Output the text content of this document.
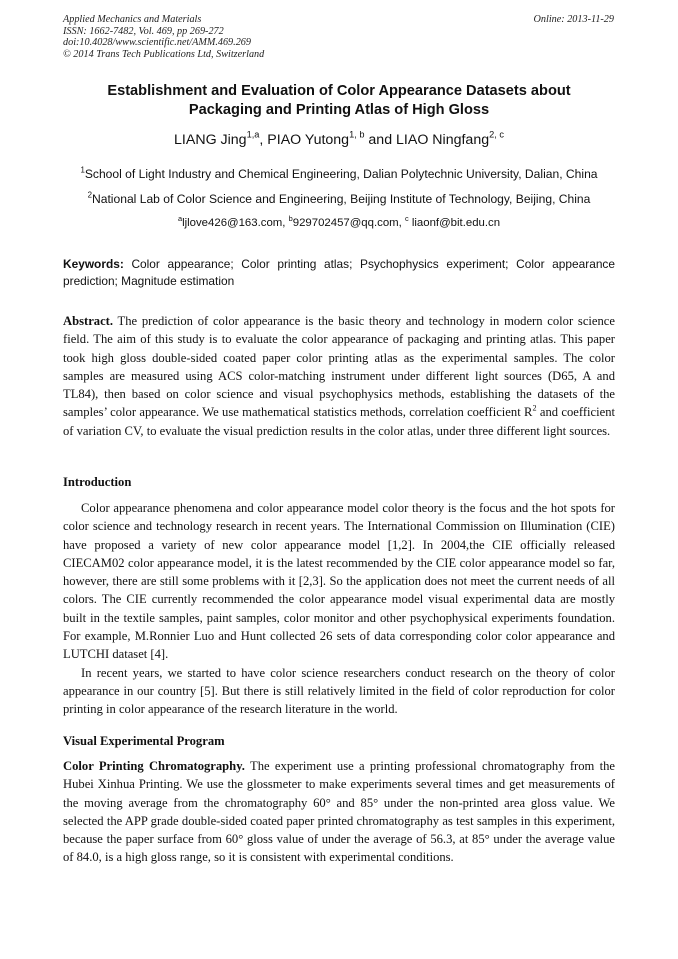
Applied Mechanics and Materials
ISSN: 1662-7482, Vol. 469, pp 269-272
doi:10.4028/www.scientific.net/AMM.469.269
© 2014 Trans Tech Publications Ltd, Switzerland
Online: 2013-11-29
Establishment and Evaluation of Color Appearance Datasets about
Packaging and Printing Atlas of High Gloss
LIANG Jing$^{1,a}$, PIAO Yutong$^{1, b}$ and LIAO Ningfang$^{2, c}$
$^1$School of Light Industry and Chemical Engineering, Dalian Polytechnic University, Dalian, China
$^2$National Lab of Color Science and Engineering, Beijing Institute of Technology, Beijing, China
$^a$ljlove426@163.com, $^b$929702457@qq.com, $^c$ liaonf@bit.edu.cn
Keywords: Color appearance; Color printing atlas; Psychophysics experiment; Color appearance prediction; Magnitude estimation

Abstract. The prediction of color appearance is the basic theory and technology in modern color science field. The aim of this study is to evaluate the color appearance of packaging and printing atlas. This paper took high gloss double-sided coated paper color printing atlas as the experimental samples. The color samples are measured using ACS color-matching instrument under different light sources (D65, A and TL84), then based on color science and visual psychophysics methods, establishing the datasets of the samples’ color appearance. We use mathematical statistics methods, correlation coefficient $R^2$ and coefficient of variation CV, to evaluate the visual prediction results in the color atlas, under three different light sources.

Introduction

Color appearance phenomena and color appearance model color theory is the focus and the hot spots for color science and technology research in recent years. The International Commission on Illumination (CIE) have proposed a variety of new color appearance model [1,2]. In 2004,the CIE officially released CIECAM02 color appearance model, it is the latest recommended by the CIE color appearance model so far, however, there are still some problems with it [2,3]. So the application does not meet the current needs of all colors. The CIE currently recommended the color appearance model visual experimental data are mostly built in the textile samples, paint samples, color monitor and other psychophysical experiments foundation. For example, M.Ronnier Luo and Hunt collected 26 sets of data corresponding color color appearance and LUTCHI dataset [4].

In recent years, we started to have color science researchers conduct research on the theory of color appearance in our country [5]. But there is still relatively limited in the field of color reproduction for color printing in color appearance of the research literature in the world.

Visual Experimental Program

Color Printing Chromatography. The experiment use a printing professional chromatography from the Hubei Xinhua Printing. We use the glossmeter to make experiments several times and get measurements of the moving average from the chromatography 60° and 85° under the non-printed area gloss value. We selected the APP grade double-sided coated paper printed chromatography as test samples in this experiment, because the paper surface from 60° gloss value of under the average of 56.3, at 85° under the average value of 84.0, is a high gloss range, so it is consistent with experimental conditions.
